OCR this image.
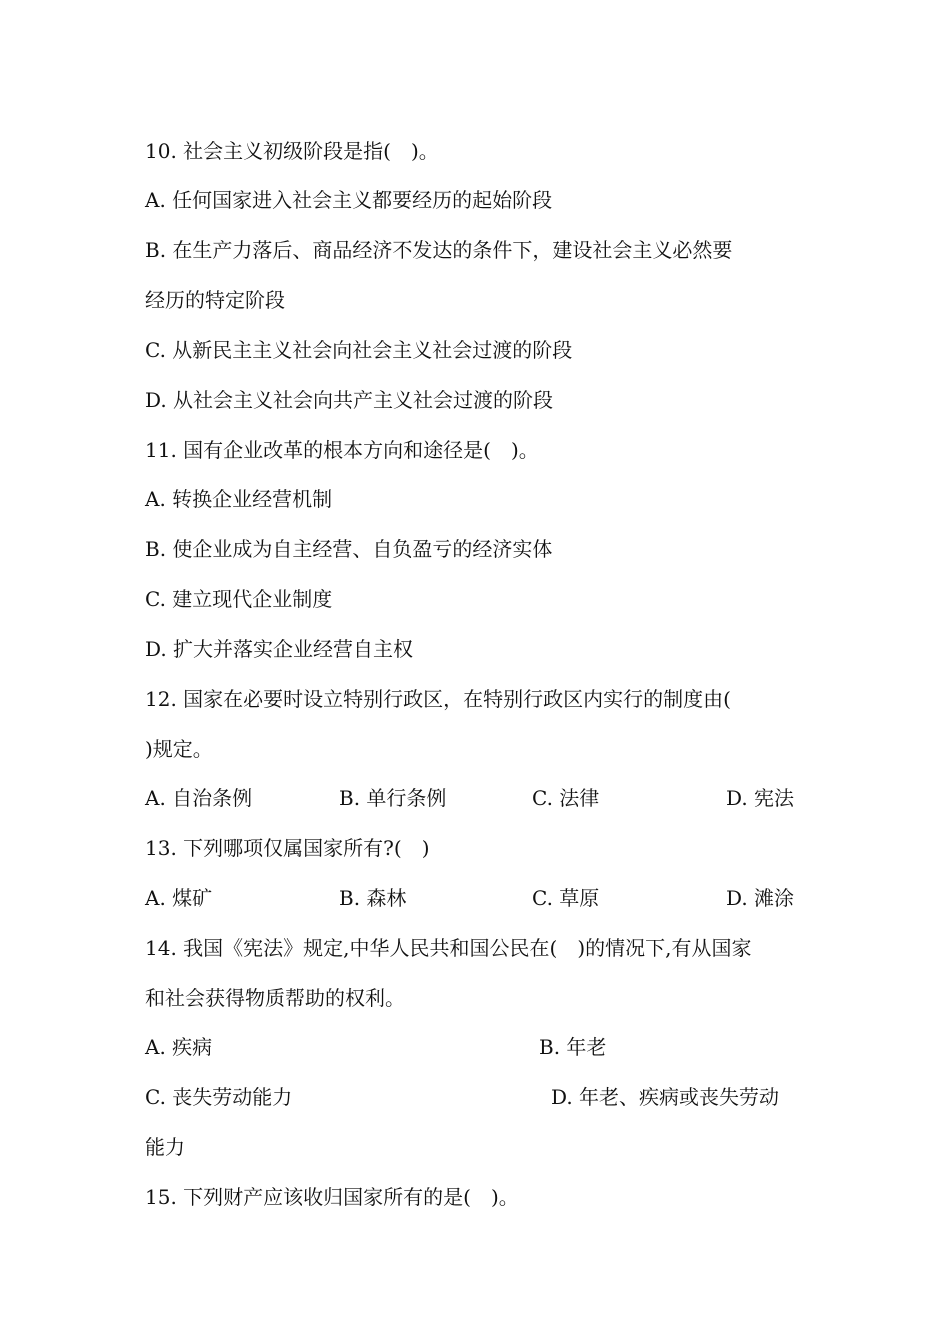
10. 社会主义初级阶段是指(　)。
A. 任何国家进入社会主义都要经历的起始阶段
B. 在生产力落后、商品经济不发达的条件下，建设社会主义必然要
经历的特定阶段
C. 从新民主主义社会向社会主义社会过渡的阶段
D. 从社会主义社会向共产主义社会过渡的阶段
11. 国有企业改革的根本方向和途径是(　)。
A. 转换企业经营机制
B. 使企业成为自主经营、自负盈亏的经济实体
C. 建立现代企业制度
D. 扩大并落实企业经营自主权
12. 国家在必要时设立特别行政区，在特别行政区内实行的制度由(
)规定。
A. 自治条例	B. 单行条例	C. 法律	D. 宪法
13. 下列哪项仅属国家所有?(　)
A. 煤矿	B. 森林	C. 草原	D. 滩涂
14. 我国《宪法》规定,中华人民共和国公民在(　)的情况下,有从国家
和社会获得物质帮助的权利。
A. 疾病	B. 年老
C. 丧失劳动能力	D. 年老、疾病或丧失劳动
能力
15. 下列财产应该收归国家所有的是(　)。
